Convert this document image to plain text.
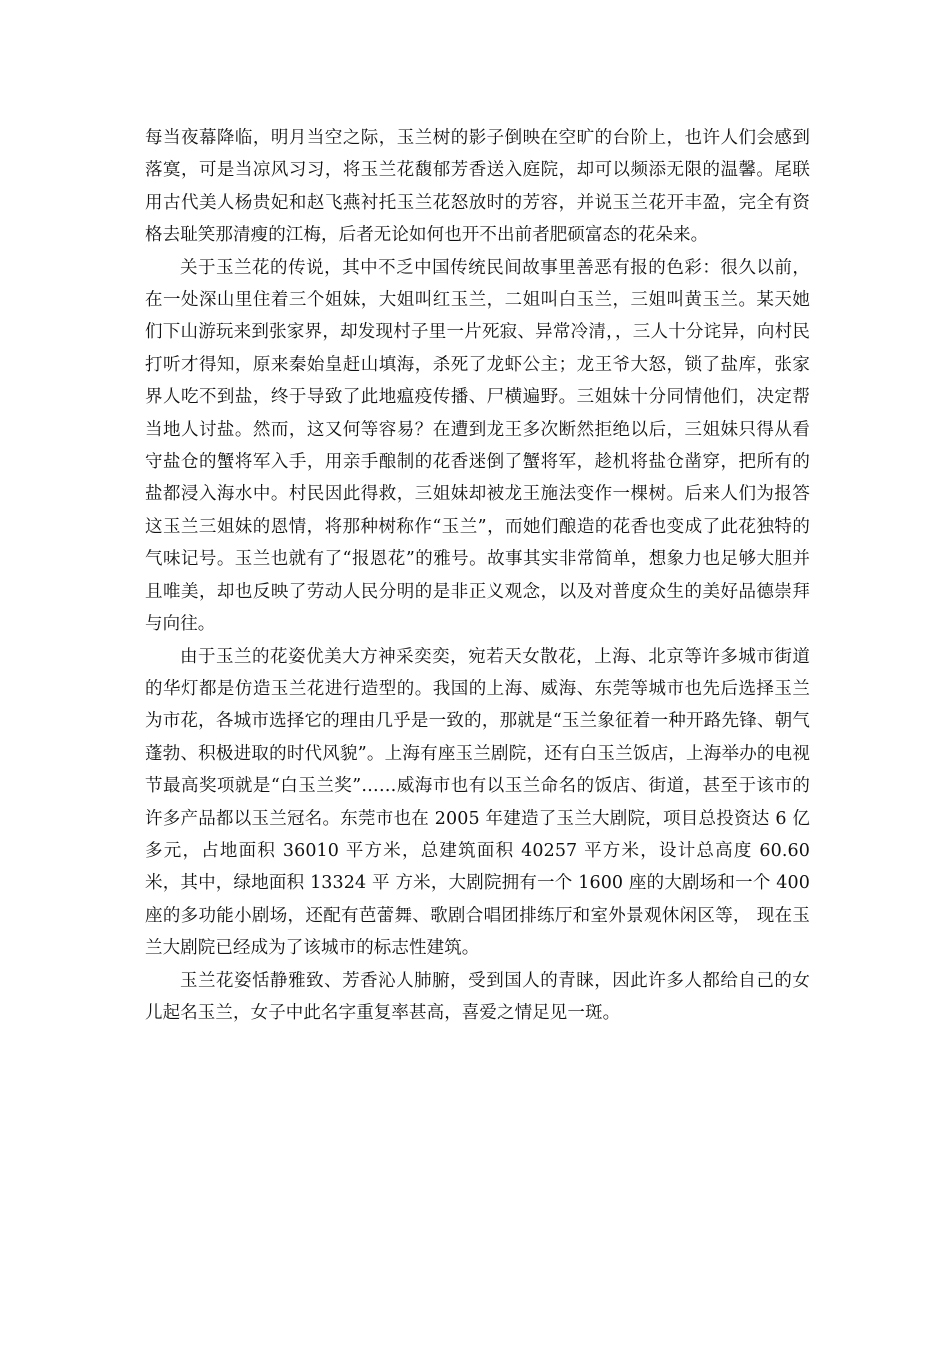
每当夜幕降临，明月当空之际，玉兰树的影子倒映在空旷的台阶上，也许人们会感到落寞，可是当凉风习习，将玉兰花馥郁芳香送入庭院，却可以频添无限的温馨。尾联用古代美人杨贵妃和赵飞燕衬托玉兰花怒放时的芳容，并说玉兰花开丰盈，完全有资格去耻笑那清瘦的江梅，后者无论如何也开不出前者肥硕富态的花朵来。

关于玉兰花的传说，其中不乏中国传统民间故事里善恶有报的色彩：很久以前，在一处深山里住着三个姐妹，大姐叫红玉兰，二姐叫白玉兰，三姐叫黄玉兰。某天她们下山游玩来到张家界，却发现村子里一片死寂、异常冷清，，三人十分诧异，向村民打听才得知，原来秦始皇赶山填海，杀死了龙虾公主；龙王爷大怒，锁了盐库，张家界人吃不到盐，终于导致了此地瘟疫传播、尸横遍野。三姐妹十分同情他们，决定帮当地人讨盐。然而，这又何等容易？在遭到龙王多次断然拒绝以后，三姐妹只得从看守盐仓的蟹将军入手，用亲手酿制的花香迷倒了蟹将军，趁机将盐仓凿穿，把所有的盐都浸入海水中。村民因此得救，三姐妹却被龙王施法变作一棵树。后来人们为报答这玉兰三姐妹的恩情，将那种树称作“玉兰”，而她们酿造的花香也变成了此花独特的气味记号。玉兰也就有了“报恩花”的雅号。故事其实非常简单，想象力也足够大胆并且唯美，却也反映了劳动人民分明的是非正义观念，以及对普度众生的美好品德崇拜与向往。

由于玉兰的花姿优美大方神采奕奕，宛若天女散花，上海、北京等许多城市街道的华灯都是仿造玉兰花进行造型的。我国的上海、威海、东莞等城市也先后选择玉兰为市花，各城市选择它的理由几乎是一致的，那就是“玉兰象征着一种开路先锋、朝气蓬勃、积极进取的时代风貌”。上海有座玉兰剧院，还有白玉兰饭店，上海举办的电视节最高奖项就是“白玉兰奖”……威海市也有以玉兰命名的饭店、街道，甚至于该市的许多产品都以玉兰冠名。东莞市也在 2005 年建造了玉兰大剧院，项目总投资达 6 亿多元，占地面积 36010 平方米，总建筑面积 40257 平方米，设计总高度 60.60 米，其中，绿地面积 13324 平 方米，大剧院拥有一个 1600 座的大剧场和一个 400 座的多功能小剧场，还配有芭蕾舞、歌剧合唱团排练厅和室外景观休闲区等， 现在玉兰大剧院已经成为了该城市的标志性建筑。

玉兰花姿恬静雅致、芳香沁人肺腑，受到国人的青睐，因此许多人都给自己的女儿起名玉兰，女子中此名字重复率甚高，喜爱之情足见一斑。
